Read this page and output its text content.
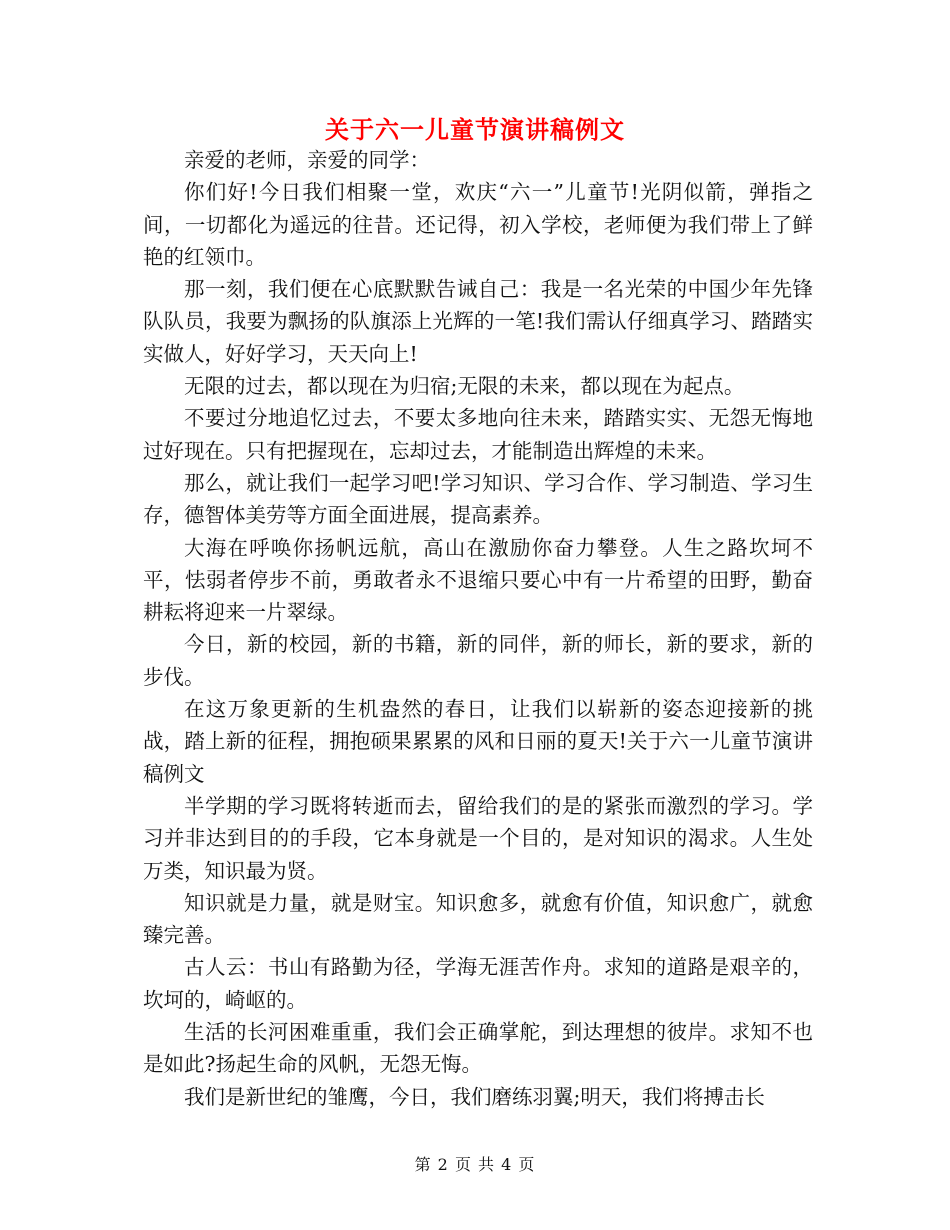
关于六一儿童节演讲稿例文

亲爱的老师，亲爱的同学：

你们好!今日我们相聚一堂，欢庆“六一”儿童节!光阴似箭，弹指之间，一切都化为遥远的往昔。还记得，初入学校，老师便为我们带上了鲜艳的红领巾。

那一刻，我们便在心底默默告诫自己：我是一名光荣的中国少年先锋队队员，我要为飘扬的队旗添上光辉的一笔!我们需认仔细真学习、踏踏实实做人，好好学习，天天向上!

无限的过去，都以现在为归宿;无限的未来，都以现在为起点。

不要过分地追忆过去，不要太多地向往未来，踏踏实实、无怨无悔地过好现在。只有把握现在，忘却过去，才能制造出辉煌的未来。

那么，就让我们一起学习吧!学习知识、学习合作、学习制造、学习生存，德智体美劳等方面全面进展，提高素养。

大海在呼唤你扬帆远航，高山在激励你奋力攀登。人生之路坎坷不平，怯弱者停步不前，勇敢者永不退缩只要心中有一片希望的田野，勤奋耕耘将迎来一片翠绿。

今日，新的校园，新的书籍，新的同伴，新的师长，新的要求，新的步伐。

在这万象更新的生机盎然的春日，让我们以崭新的姿态迎接新的挑战，踏上新的征程，拥抱硕果累累的风和日丽的夏天!关于六一儿童节演讲稿例文

半学期的学习既将转逝而去，留给我们的是的紧张而激烈的学习。学习并非达到目的的手段，它本身就是一个目的，是对知识的渴求。人生处万类，知识最为贤。

知识就是力量，就是财宝。知识愈多，就愈有价值，知识愈广，就愈臻完善。

古人云：书山有路勤为径，学海无涯苦作舟。求知的道路是艰辛的，坎坷的，崎岖的。

生活的长河困难重重，我们会正确掌舵，到达理想的彼岸。求知不也是如此?扬起生命的风帆，无怨无悔。

我们是新世纪的雏鹰，今日，我们磨练羽翼;明天，我们将搏击长

第 2 页 共 4 页
